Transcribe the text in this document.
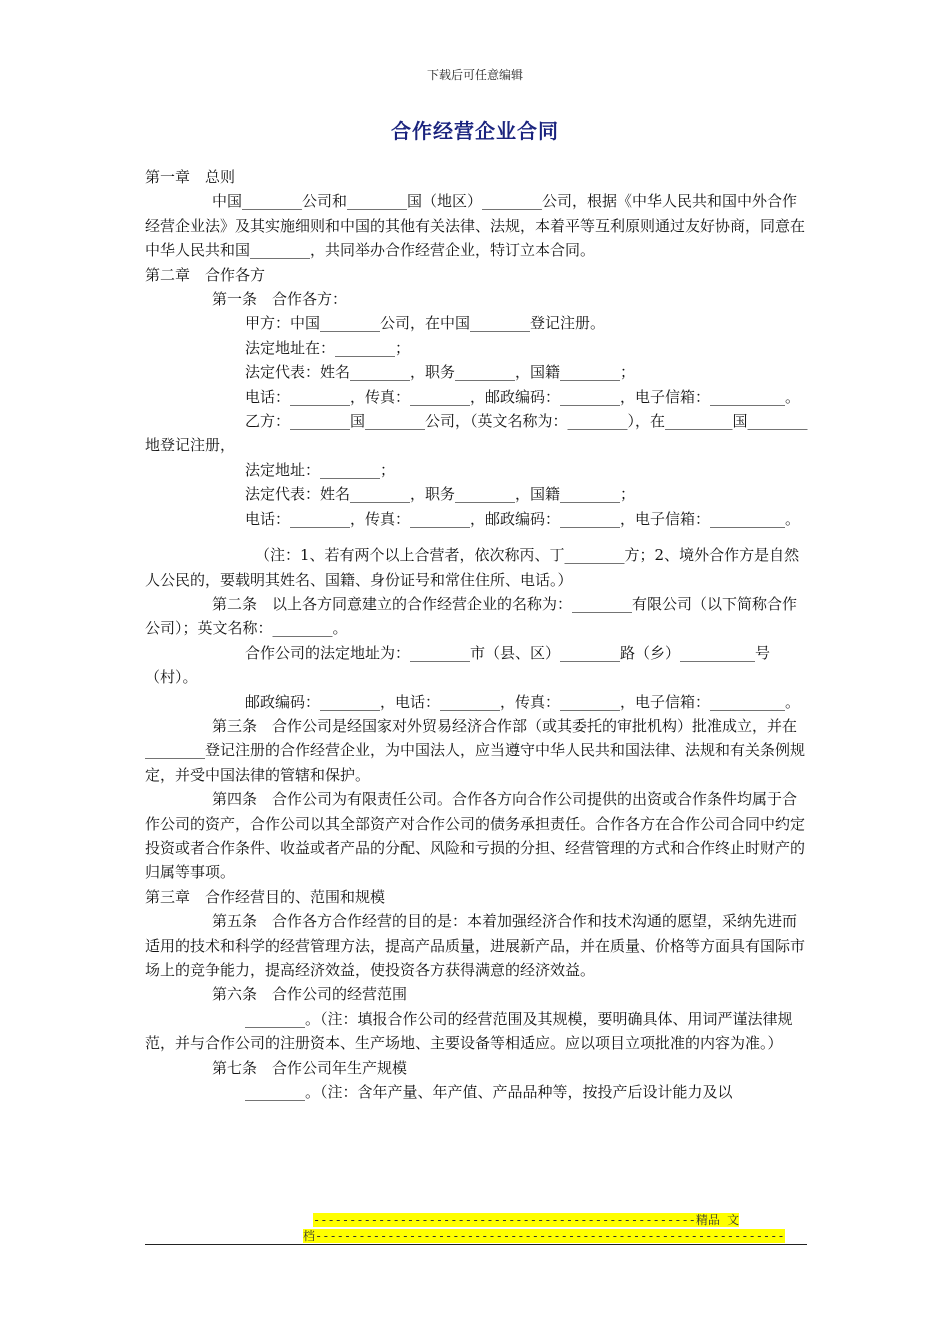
下载后可任意编辑
合作经营企业合同

第一章　总则

中国________公司和________国（地区）________公司，根据《中华人民共和国中外合作经营企业法》及其实施细则和中国的其他有关法律、法规，本着平等互利原则通过友好协商，同意在中华人民共和国________，共同举办合作经营企业，特订立本合同。

第二章　合作各方

第一条　合作各方：

甲方：中国________公司，在中国________登记注册。

法定地址在：________；

法定代表：姓名________，职务________，国籍________；

电话：________，传真：________，邮政编码：________，电子信箱：__________。

乙方：________国________公司，（英文名称为：________），在_________国________地登记注册，

法定地址：________；

法定代表：姓名________，职务________，国籍________；

电话：________，传真：________，邮政编码：________，电子信箱：__________。

（注：1、若有两个以上合营者，依次称丙、丁________方；2、境外合作方是自然人公民的，要载明其姓名、国籍、身份证号和常住住所、电话。）

第二条　以上各方同意建立的合作经营企业的名称为：________有限公司（以下简称合作公司）；英文名称：________。

合作公司的法定地址为：________市（县、区）________路（乡）__________号（村）。

邮政编码：________，电话：________，传真：________，电子信箱：__________。

第三条　合作公司是经国家对外贸易经济合作部（或其委托的审批机构）批准成立，并在________登记注册的合作经营企业，为中国法人，应当遵守中华人民共和国法律、法规和有关条例规定，并受中国法律的管辖和保护。

第四条　合作公司为有限责任公司。合作各方向合作公司提供的出资或合作条件均属于合作公司的资产，合作公司以其全部资产对合作公司的债务承担责任。合作各方在合作公司合同中约定投资或者合作条件、收益或者产品的分配、风险和亏损的分担、经营管理的方式和合作终止时财产的归属等事项。

第三章　合作经营目的、范围和规模

第五条　合作各方合作经营的目的是：本着加强经济合作和技术沟通的愿望，采纳先进而适用的技术和科学的经营管理方法，提高产品质量，进展新产品，并在质量、价格等方面具有国际市场上的竞争能力，提高经济效益，使投资各方获得满意的经济效益。

第六条　合作公司的经营范围

________。（注：填报合作公司的经营范围及其规模，要明确具体、用词严谨法律规范，并与合作公司的注册资本、生产场地、主要设备等相适应。应以项目立项批准的内容为准。）

第七条　合作公司年生产规模

________。（注：含年产量、年产值、产品品种等，按投产后设计能力及以

-----------------------------------------------------精品 文
档-----------------------------------------------------------------
